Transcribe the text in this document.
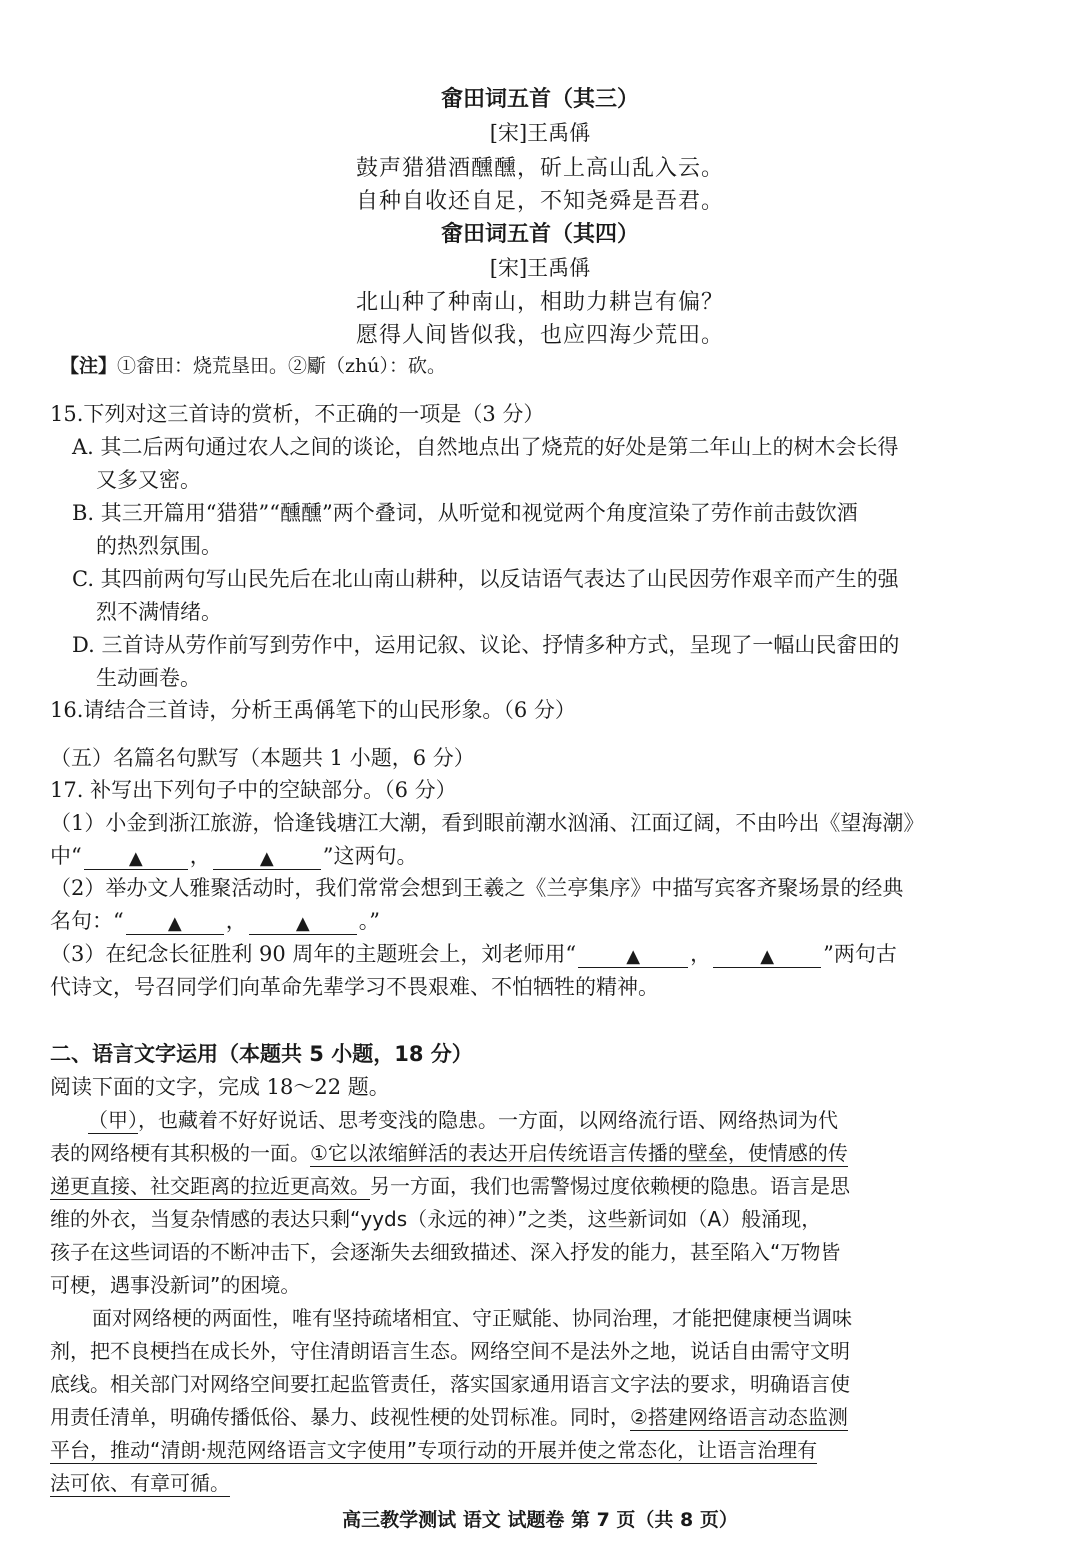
畲田词五首（其三）
[宋]王禹偁
鼓声猎猎酒醺醺，斫上高山乱入云。
自种自收还自足，不知尧舜是吾君。
畲田词五首（其四）
[宋]王禹偁
北山种了种南山，相助力耕岂有偏？
愿得人间皆似我，也应四海少荒田。
【注】①畲田：烧荒垦田。②斸（zhú）：砍。
15.下列对这三首诗的赏析，不正确的一项是（3 分）
A. 其二后两句通过农人之间的谈论，自然地点出了烧荒的好处是第二年山上的树木会长得
又多又密。
B. 其三开篇用“猎猎”“醺醺”两个叠词，从听觉和视觉两个角度渲染了劳作前击鼓饮酒
的热烈氛围。
C. 其四前两句写山民先后在北山南山耕种，以反诘语气表达了山民因劳作艰辛而产生的强
烈不满情绪。
D. 三首诗从劳作前写到劳作中，运用记叙、议论、抒情多种方式，呈现了一幅山民畲田的
生动画卷。
16.请结合三首诗，分析王禹偁笔下的山民形象。（6 分）
（五）名篇名句默写（本题共 1 小题，6 分）
17. 补写出下列句子中的空缺部分。（6 分）
（1）小金到浙江旅游，恰逢钱塘江大潮，看到眼前潮水汹涌、江面辽阔，不由吟出《望海潮》
中“	▲ ，	▲ ”这两句。
（2）举办文人雅聚活动时，我们常常会想到王羲之《兰亭集序》中描写宾客齐聚场景的经典
名句：“ ▲ ，	▲ 。”
（3）在纪念长征胜利 90 周年的主题班会上，刘老师用“	▲ ，	▲ ”两句古
代诗文，号召同学们向革命先辈学习不畏艰难、不怕牺牲的精神。
二、语言文字运用（本题共 5 小题，18 分）
阅读下面的文字，完成 18～22 题。
（甲），也藏着不好好说话、思考变浅的隐患。一方面，以网络流行语、网络热词为代
表的网络梗有其积极的一面。①它以浓缩鲜活的表达开启传统语言传播的壁垒，使情感的传
递更直接、社交距离的拉近更高效。另一方面，我们也需警惕过度依赖梗的隐患。语言是思
维的外衣，当复杂情感的表达只剩“yyds（永远的神）”之类，这些新词如（A）般涌现，
孩子在这些词语的不断冲击下，会逐渐失去细致描述、深入抒发的能力，甚至陷入“万物皆
可梗，遇事没新词”的困境。
面对网络梗的两面性，唯有坚持疏堵相宜、守正赋能、协同治理，才能把健康梗当调味
剂，把不良梗挡在成长外，守住清朗语言生态。网络空间不是法外之地，说话自由需守文明
底线。相关部门对网络空间要扛起监管责任，落实国家通用语言文字法的要求，明确语言使
用责任清单，明确传播低俗、暴力、歧视性梗的处罚标准。同时，②搭建网络语言动态监测
平台，推动“清朗·规范网络语言文字使用”专项行动的开展并使之常态化，让语言治理有
法可依、有章可循。
高三教学测试 语文 试题卷 第 7 页（共 8 页）
